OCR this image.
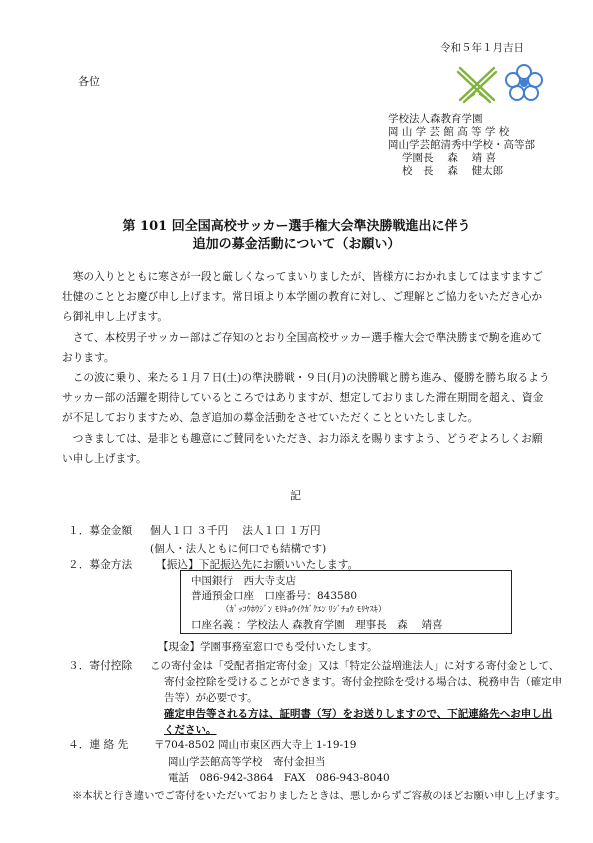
令和５年１月吉日
各位
学校法人森教育学園
岡 山 学 芸 館 高 等 学 校
岡山学芸館清秀中学校・高等部
学園長　 森　 靖 喜
校　長　 森　 健太郎
第 101 回全国高校サッカー選手権大会準決勝戦進出に伴う
追加の募金活動について（お願い）

　寒の入りとともに寒さが一段と厳しくなってまいりましたが、皆様方におかれましてはますますご壮健のこととお慶び申し上げます。常日頃より本学園の教育に対し、ご理解とご協力をいただき心から御礼申し上げます。

　さて、本校男子サッカー部はご存知のとおり全国高校サッカー選手権大会で準決勝まで駒を進めております。

　この波に乗り、来たる１月７日(土)の準決勝戦・９日(月)の決勝戦と勝ち進み、優勝を勝ち取るようサッカー部の活躍を期待しているところではありますが、想定しておりました滞在期間を超え、資金が不足しておりますため、急ぎ追加の募金活動をさせていただくことといたしました。

　つきましては、是非とも趣意にご賛同をいただき、お力添えを賜りますよう、どうぞよろしくお願い申し上げます。

記
１．募金金額 個人１口 ３千円　 法人１口 １万円
(個人・法人ともに何口でも結構です)
２．募金方法 【振込】下記振込先にお願いいたします。
中国銀行　西大寺支店
普通預金口座　口座番号：843580
（ｶﾞｯｺｳﾎｳｼﾞﾝ ﾓﾘｷｮｳｲｸｶﾞｸｴﾝ ﾘｼﾞﾁｮｳ ﾓﾘﾔｽｷ）
口座名義 ：学校法人 森教育学園　理事長　森　 靖喜
【現金】学園事務室窓口でも受付いたします。
３．寄付控除 この寄付金は「受配者指定寄付金」又は「特定公益増進法人」に対する寄付金として、
寄付金控除を受けることができます。寄付金控除を受ける場合は、税務申告（確定申
告等）が必要です。
確定申告等される方は、証明書（写）をお送りしますので、下記連絡先へお申し出
ください。
４．連 絡 先 〒704-8502 岡山市東区西大寺上 1-19-19
岡山学芸館高等学校　寄付金担当
電話　086-942-3864　FAX　086-943-8040
※本状と行き違いでご寄付をいただいておりましたときは、悪しからずご容赦のほどお願い申し上げます。
